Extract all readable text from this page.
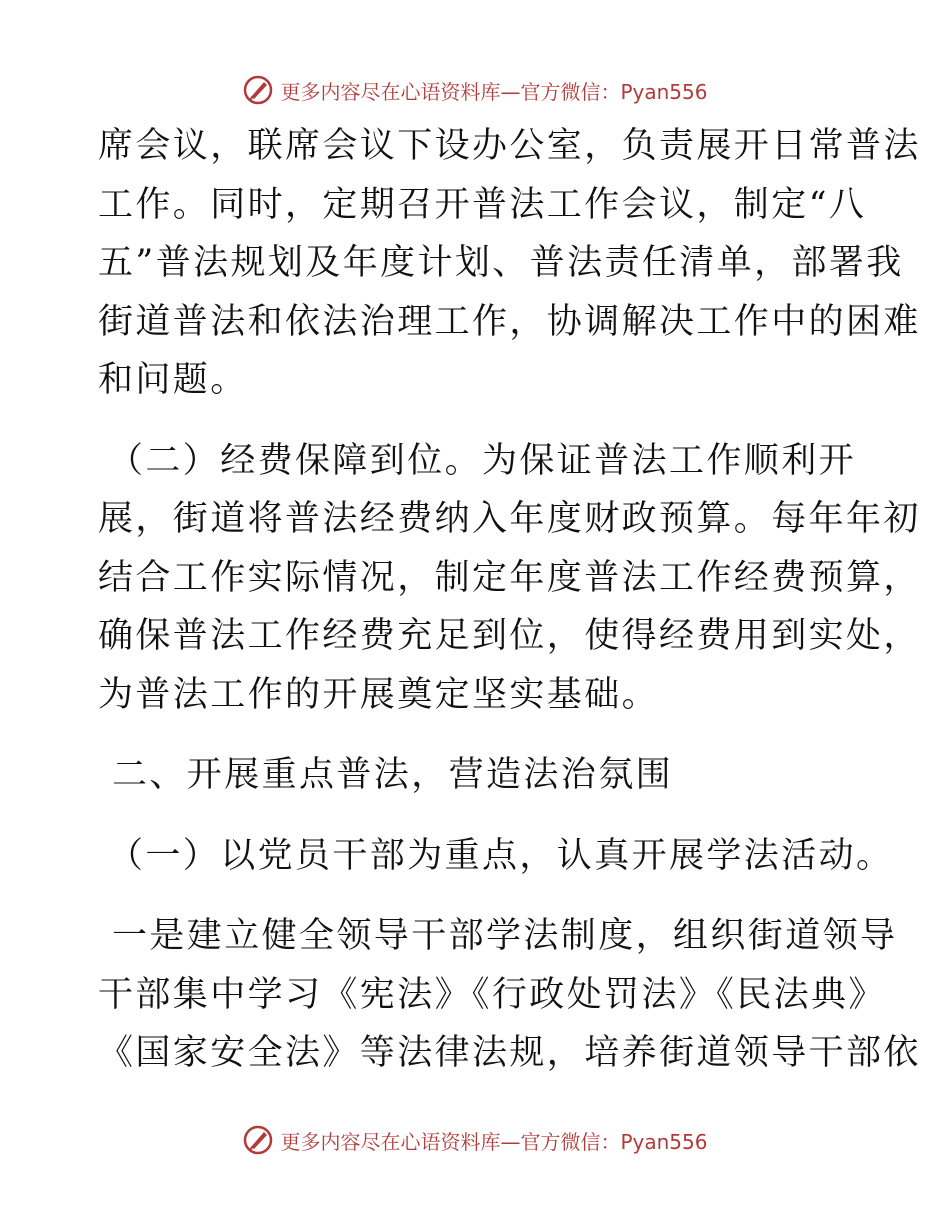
更多内容尽在心语资料库—官方微信：Pyan556
席会议，联席会议下设办公室，负责展开日常普法
工作。同时，定期召开普法工作会议，制定“八
五”普法规划及年度计划、普法责任清单，部署我
街道普法和依法治理工作，协调解决工作中的困难
和问题。
（二）经费保障到位。为保证普法工作顺利开
展，街道将普法经费纳入年度财政预算。每年年初
结合工作实际情况，制定年度普法工作经费预算，
确保普法工作经费充足到位，使得经费用到实处，
为普法工作的开展奠定坚实基础。
二、开展重点普法，营造法治氛围
（一）以党员干部为重点，认真开展学法活动。
一是建立健全领导干部学法制度，组织街道领导
干部集中学习《宪法》《行政处罚法》《民法典》
《国家安全法》等法律法规，培养街道领导干部依
更多内容尽在心语资料库—官方微信：Pyan556
